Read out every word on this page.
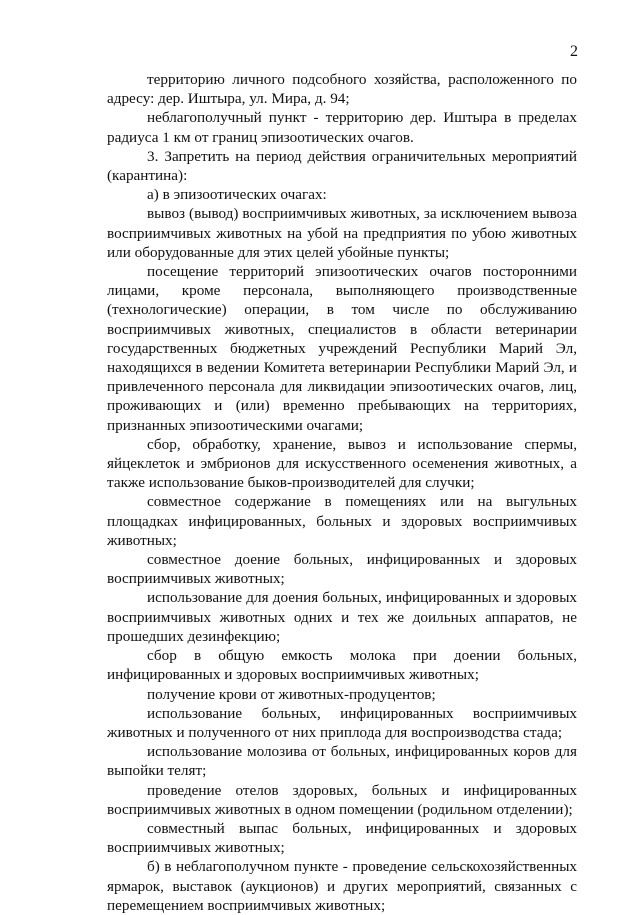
2

территорию личного подсобного хозяйства, расположенного по адресу: дер. Иштыра, ул. Мира, д. 94;

неблагополучный пункт - территорию дер. Иштыра в пределах радиуса 1 км от границ эпизоотических очагов.

3. Запретить на период действия ограничительных мероприятий (карантина):

а) в эпизоотических очагах:

вывоз (вывод) восприимчивых животных, за исключением вывоза восприимчивых животных на убой на предприятия по убою животных или оборудованные для этих целей убойные пункты;

посещение территорий эпизоотических очагов посторонними лицами, кроме персонала, выполняющего производственные (технологические) операции, в том числе по обслуживанию восприимчивых животных, специалистов в области ветеринарии государственных бюджетных учреждений Республики Марий Эл, находящихся в ведении Комитета ветеринарии Республики Марий Эл, и привлеченного персонала для ликвидации эпизоотических очагов, лиц, проживающих и (или) временно пребывающих на территориях, признанных эпизоотическими очагами;

сбор, обработку, хранение, вывоз и использование спермы, яйцеклеток и эмбрионов для искусственного осеменения животных, а также использование быков-производителей для случки;

совместное содержание в помещениях или на выгульных площадках инфицированных, больных и здоровых восприимчивых животных;

совместное доение больных, инфицированных и здоровых восприимчивых животных;

использование для доения больных, инфицированных и здоровых восприимчивых животных одних и тех же доильных аппаратов, не прошедших дезинфекцию;

сбор в общую емкость молока при доении больных, инфицированных и здоровых восприимчивых животных;

получение крови от животных-продуцентов;

использование больных, инфицированных восприимчивых животных и полученного от них приплода для воспроизводства стада;

использование молозива от больных, инфицированных коров для выпойки телят;

проведение отелов здоровых, больных и инфицированных восприимчивых животных в одном помещении (родильном отделении);

совместный выпас больных, инфицированных и здоровых восприимчивых животных;

б) в неблагополучном пункте - проведение сельскохозяйственных ярмарок, выставок (аукционов) и других мероприятий, связанных с перемещением восприимчивых животных;
